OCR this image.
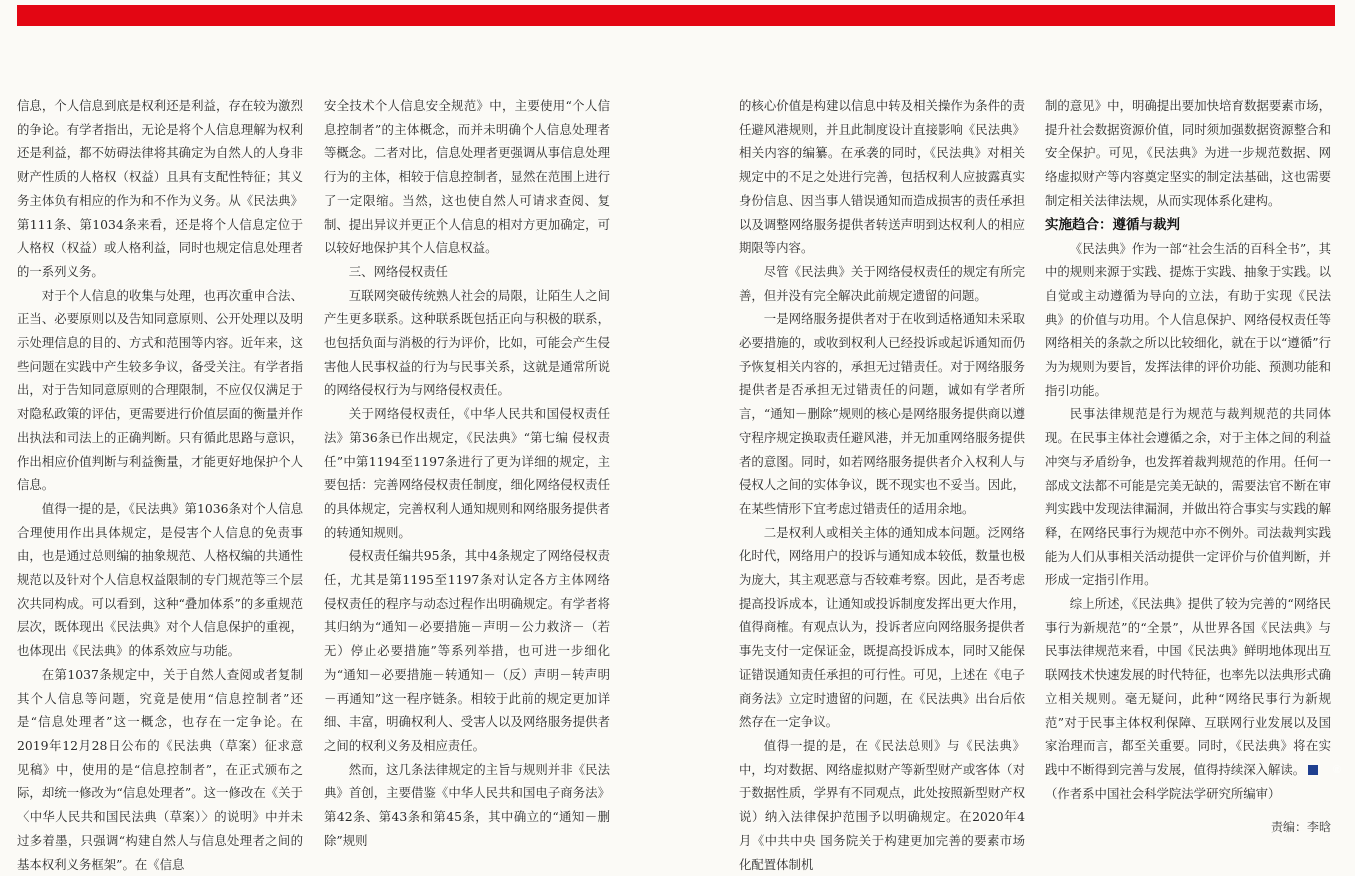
信息，个人信息到底是权利还是利益，存在较为激烈的争论。有学者指出，无论是将个人信息理解为权利还是利益，都不妨碍法律将其确定为自然人的人身非财产性质的人格权（权益）且具有支配性特征；其义务主体负有相应的作为和不作为义务。从《民法典》第111条、第1034条来看，还是将个人信息定位于人格权（权益）或人格利益，同时也规定信息处理者的一系列义务。

对于个人信息的收集与处理，也再次重申合法、正当、必要原则以及告知同意原则、公开处理以及明示处理信息的目的、方式和范围等内容。近年来，这些问题在实践中产生较多争议，备受关注。有学者指出，对于告知同意原则的合理限制，不应仅仅满足于对隐私政策的评估，更需要进行价值层面的衡量并作出执法和司法上的正确判断。只有循此思路与意识，作出相应价值判断与利益衡量，才能更好地保护个人信息。

值得一提的是，《民法典》第1036条对个人信息合理使用作出具体规定，是侵害个人信息的免责事由，也是通过总则编的抽象规范、人格权编的共通性规范以及针对个人信息权益限制的专门规范等三个层次共同构成。可以看到，这种“叠加体系”的多重规范层次，既体现出《民法典》对个人信息保护的重视，也体现出《民法典》的体系效应与功能。

在第1037条规定中，关于自然人查阅或者复制其个人信息等问题，究竟是使用“信息控制者”还是“信息处理者”这一概念，也存在一定争论。在2019年12月28日公布的《民法典（草案）征求意见稿》中，使用的是“信息控制者”，在正式颁布之际，却统一修改为“信息处理者”。这一修改在《关于〈中华人民共和国民法典（草案）〉的说明》中并未过多着墨，只强调“构建自然人与信息处理者之间的基本权利义务框架”。在《信息

安全技术个人信息安全规范》中，主要使用“个人信息控制者”的主体概念，而并未明确个人信息处理者等概念。二者对比，信息处理者更强调从事信息处理行为的主体，相较于信息控制者，显然在范围上进行了一定限缩。当然，这也使自然人可请求查阅、复制、提出异议并更正个人信息的相对方更加确定，可以较好地保护其个人信息权益。

三、网络侵权责任

互联网突破传统熟人社会的局限，让陌生人之间产生更多联系。这种联系既包括正向与积极的联系，也包括负面与消极的行为评价，比如，可能会产生侵害他人民事权益的行为与民事关系，这就是通常所说的网络侵权行为与网络侵权责任。

关于网络侵权责任，《中华人民共和国侵权责任法》第36条已作出规定，《民法典》“第七编 侵权责任”中第1194至1197条进行了更为详细的规定，主要包括：完善网络侵权责任制度，细化网络侵权责任的具体规定，完善权利人通知规则和网络服务提供者的转通知规则。

侵权责任编共95条，其中4条规定了网络侵权责任，尤其是第1195至1197条对认定各方主体网络侵权责任的程序与动态过程作出明确规定。有学者将其归纳为“通知－必要措施－声明－公力救济－（若无）停止必要措施”等系列举措，也可进一步细化为“通知－必要措施－转通知－（反）声明－转声明－再通知”这一程序链条。相较于此前的规定更加详细、丰富，明确权利人、受害人以及网络服务提供者之间的权利义务及相应责任。

然而，这几条法律规定的主旨与规则并非《民法典》首创，主要借鉴《中华人民共和国电子商务法》第42条、第43条和第45条，其中确立的“通知－删除”规则

的核心价值是构建以信息中转及相关操作为条件的责任避风港规则，并且此制度设计直接影响《民法典》相关内容的编纂。在承袭的同时，《民法典》对相关规定中的不足之处进行完善，包括权利人应披露真实身份信息、因当事人错误通知而造成损害的责任承担以及调整网络服务提供者转送声明到达权利人的相应期限等内容。

尽管《民法典》关于网络侵权责任的规定有所完善，但并没有完全解决此前规定遗留的问题。

一是网络服务提供者对于在收到适格通知未采取必要措施的，或收到权利人已经投诉或起诉通知而仍予恢复相关内容的，承担无过错责任。对于网络服务提供者是否承担无过错责任的问题，诚如有学者所言，“通知－删除”规则的核心是网络服务提供商以遵守程序规定换取责任避风港，并无加重网络服务提供者的意图。同时，如若网络服务提供者介入权利人与侵权人之间的实体争议，既不现实也不妥当。因此，在某些情形下宜考虑过错责任的适用余地。

二是权利人或相关主体的通知成本问题。泛网络化时代，网络用户的投诉与通知成本较低，数量也极为庞大，其主观恶意与否较难考察。因此，是否考虑提高投诉成本，让通知或投诉制度发挥出更大作用，值得商榷。有观点认为，投诉者应向网络服务提供者事先支付一定保证金，既提高投诉成本，同时又能保证错误通知责任承担的可行性。可见，上述在《电子商务法》立定时遗留的问题，在《民法典》出台后依然存在一定争议。

值得一提的是，在《民法总则》与《民法典》中，均对数据、网络虚拟财产等新型财产或客体（对于数据性质，学界有不同观点，此处按照新型财产权说）纳入法律保护范围予以明确规定。在2020年4月《中共中央 国务院关于构建更加完善的要素市场化配置体制机

制的意见》中，明确提出要加快培育数据要素市场，提升社会数据资源价值，同时须加强数据资源整合和安全保护。可见，《民法典》为进一步规范数据、网络虚拟财产等内容奠定坚实的制定法基础，这也需要制定相关法律法规，从而实现体系化建构。

实施趋合：遵循与裁判

《民法典》作为一部“社会生活的百科全书”，其中的规则来源于实践、提炼于实践、抽象于实践。以自觉或主动遵循为导向的立法，有助于实现《民法典》的价值与功用。个人信息保护、网络侵权责任等网络相关的条款之所以比较细化，就在于以“遵循”行为为规则为要旨，发挥法律的评价功能、预测功能和指引功能。

民事法律规范是行为规范与裁判规范的共同体现。在民事主体社会遵循之余，对于主体之间的利益冲突与矛盾纷争，也发挥着裁判规范的作用。任何一部成文法都不可能是完美无缺的，需要法官不断在审判实践中发现法律漏洞，并做出符合事实与实践的解释，在网络民事行为规范中亦不例外。司法裁判实践能为人们从事相关活动提供一定评价与价值判断，并形成一定指引作用。

综上所述，《民法典》提供了较为完善的“网络民事行为新规范”的“全景”，从世界各国《民法典》与民事法律规范来看，中国《民法典》鲜明地体现出互联网技术快速发展的时代特征，也率先以法典形式确立相关规则。毫无疑问，此种“网络民事行为新规范”对于民事主体权利保障、互联网行业发展以及国家治理而言，都至关重要。同时，《民法典》将在实践中不断得到完善与发展，值得持续深入解读。	㊣

（作者系中国社会科学院法学研究所编审）

责编：李晗
